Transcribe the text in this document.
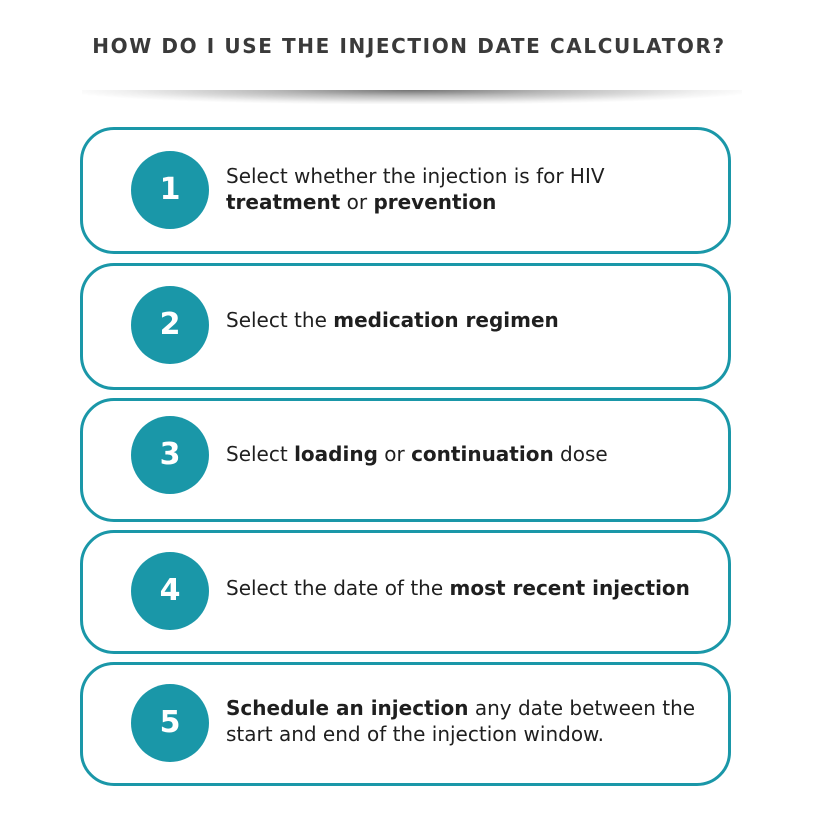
HOW DO I USE THE INJECTION DATE CALCULATOR?
1	Select whether the injection is for HIV treatment or prevention
2	Select the medication regimen
3	Select loading or continuation dose
4	Select the date of the most recent injection
5	Schedule an injection any date between the start and end of the injection window.
